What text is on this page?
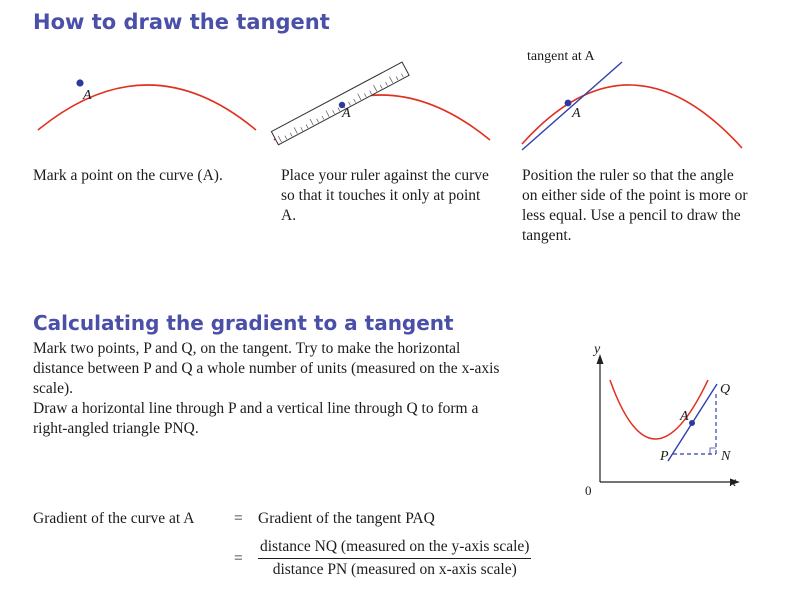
How to draw the tangent
A
A	A
tangent at A

Mark a point on the curve (A).	Place your ruler against the curve so that it touches it only at point A.

Position the ruler so that the angle on either side of the point is more or less equal. Use a pencil to draw the tangent.

Calculating the gradient to a tangent

Mark two points, P and Q, on the tangent. Try to make the horizontal distance between P and Q a whole number of units (measured on the x-axis scale).

Draw a horizontal line through P and a vertical line through Q to form a right-angled triangle PNQ.

y
x
0
A
P
Q
N
Gradient of the curve at A	= Gradient of the tangent PAQ
=
distance NQ (measured on the y-axis scale)
distance PN (measured on x-axis scale)
